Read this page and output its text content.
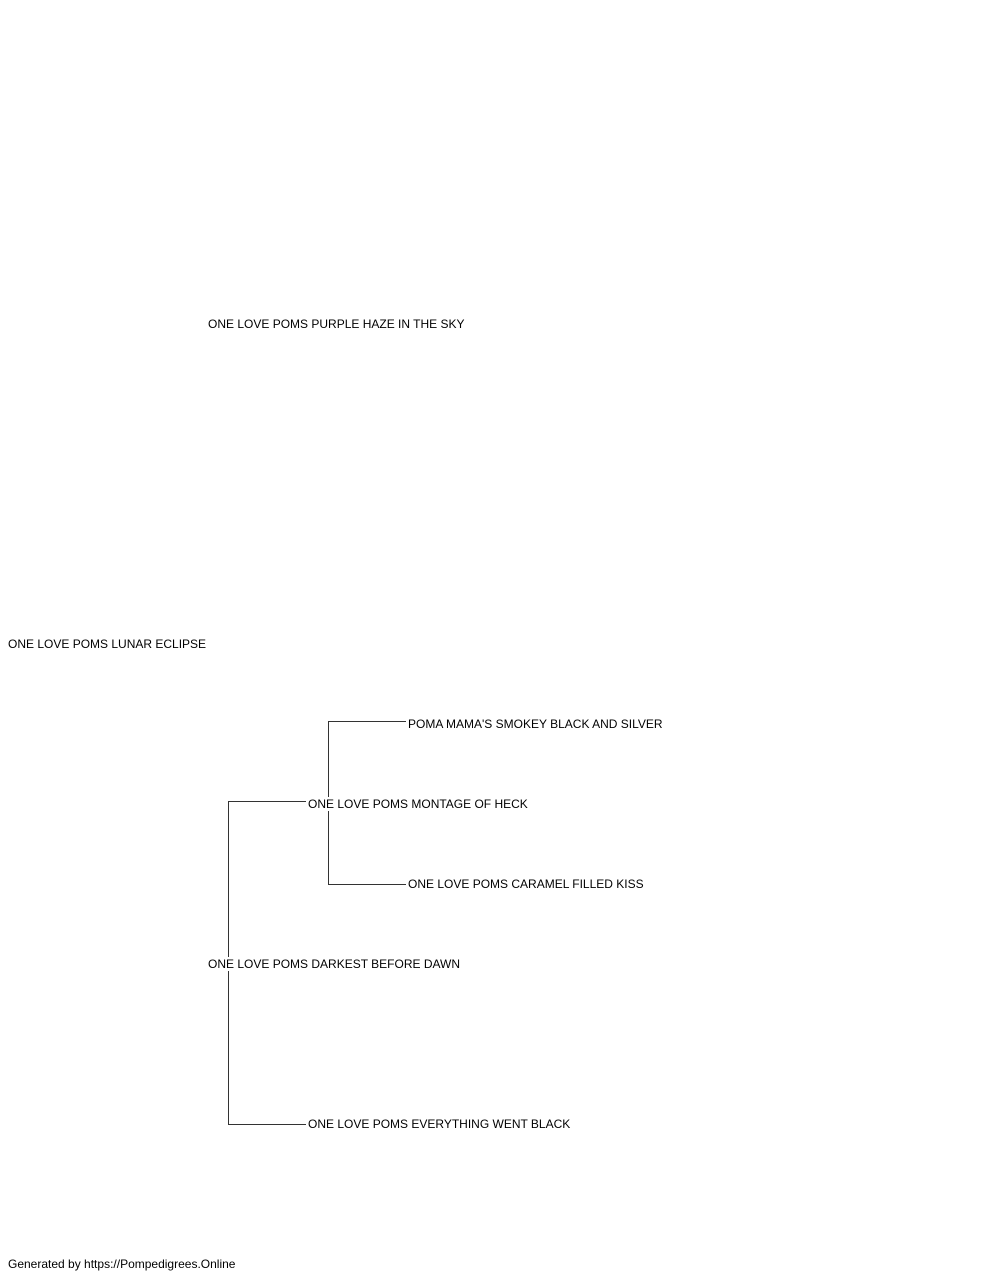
ONE LOVE POMS PURPLE HAZE IN THE SKY
ONE LOVE POMS LUNAR ECLIPSE
POMA MAMA'S SMOKEY BLACK AND SILVER
ONE LOVE POMS MONTAGE OF HECK
ONE LOVE POMS CARAMEL FILLED KISS
ONE LOVE POMS DARKEST BEFORE DAWN
ONE LOVE POMS EVERYTHING WENT BLACK
Generated by https://Pompedigrees.Online
